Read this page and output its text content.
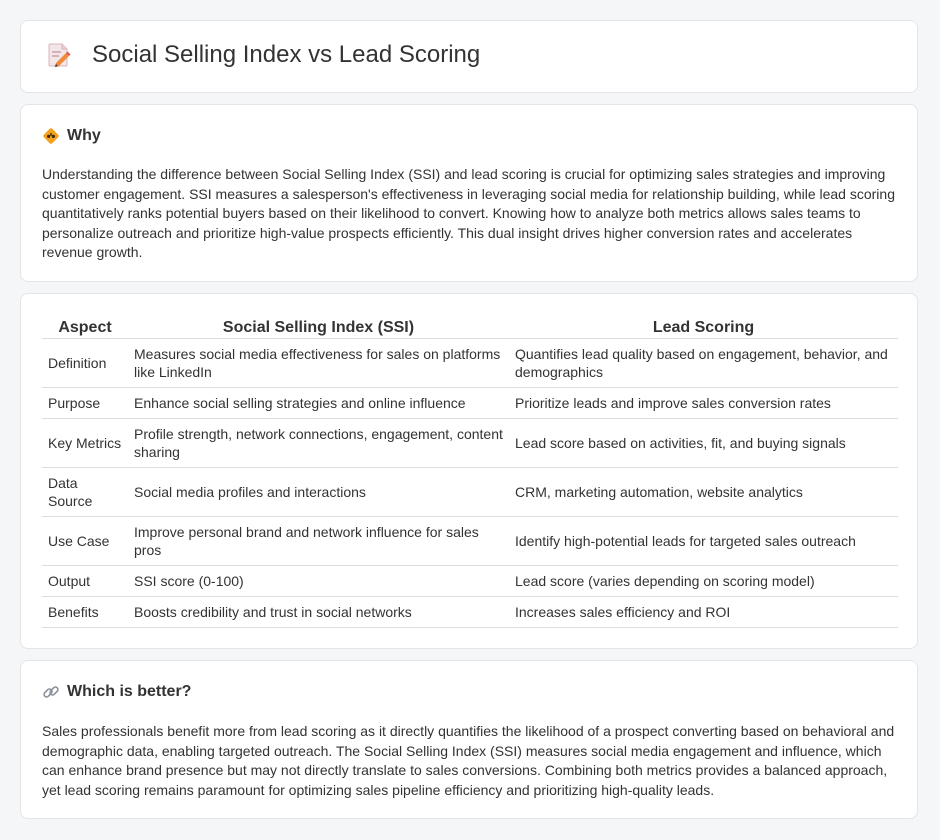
Social Selling Index vs Lead Scoring
Why

Understanding the difference between Social Selling Index (SSI) and lead scoring is crucial for optimizing sales strategies and improving customer engagement. SSI measures a salesperson's effectiveness in leveraging social media for relationship building, while lead scoring quantitatively ranks potential buyers based on their likelihood to convert. Knowing how to analyze both metrics allows sales teams to personalize outreach and prioritize high-value prospects efficiently. This dual insight drives higher conversion rates and accelerates revenue growth.

Aspect	Social Selling Index (SSI)	Lead Scoring
Definition	Measures social media effectiveness for sales on platforms like LinkedIn	Quantifies lead quality based on engagement, behavior, and demographics
Purpose	Enhance social selling strategies and online influence	Prioritize leads and improve sales conversion rates
Key Metrics	Profile strength, network connections, engagement, content sharing	Lead score based on activities, fit, and buying signals
Data Source	Social media profiles and interactions	CRM, marketing automation, website analytics
Use Case	Improve personal brand and network influence for sales pros	Identify high-potential leads for targeted sales outreach
Output	SSI score (0-100)	Lead score (varies depending on scoring model)
Benefits	Boosts credibility and trust in social networks	Increases sales efficiency and ROI
Which is better?

Sales professionals benefit more from lead scoring as it directly quantifies the likelihood of a prospect converting based on behavioral and demographic data, enabling targeted outreach. The Social Selling Index (SSI) measures social media engagement and influence, which can enhance brand presence but may not directly translate to sales conversions. Combining both metrics provides a balanced approach, yet lead scoring remains paramount for optimizing sales pipeline efficiency and prioritizing high-quality leads.
